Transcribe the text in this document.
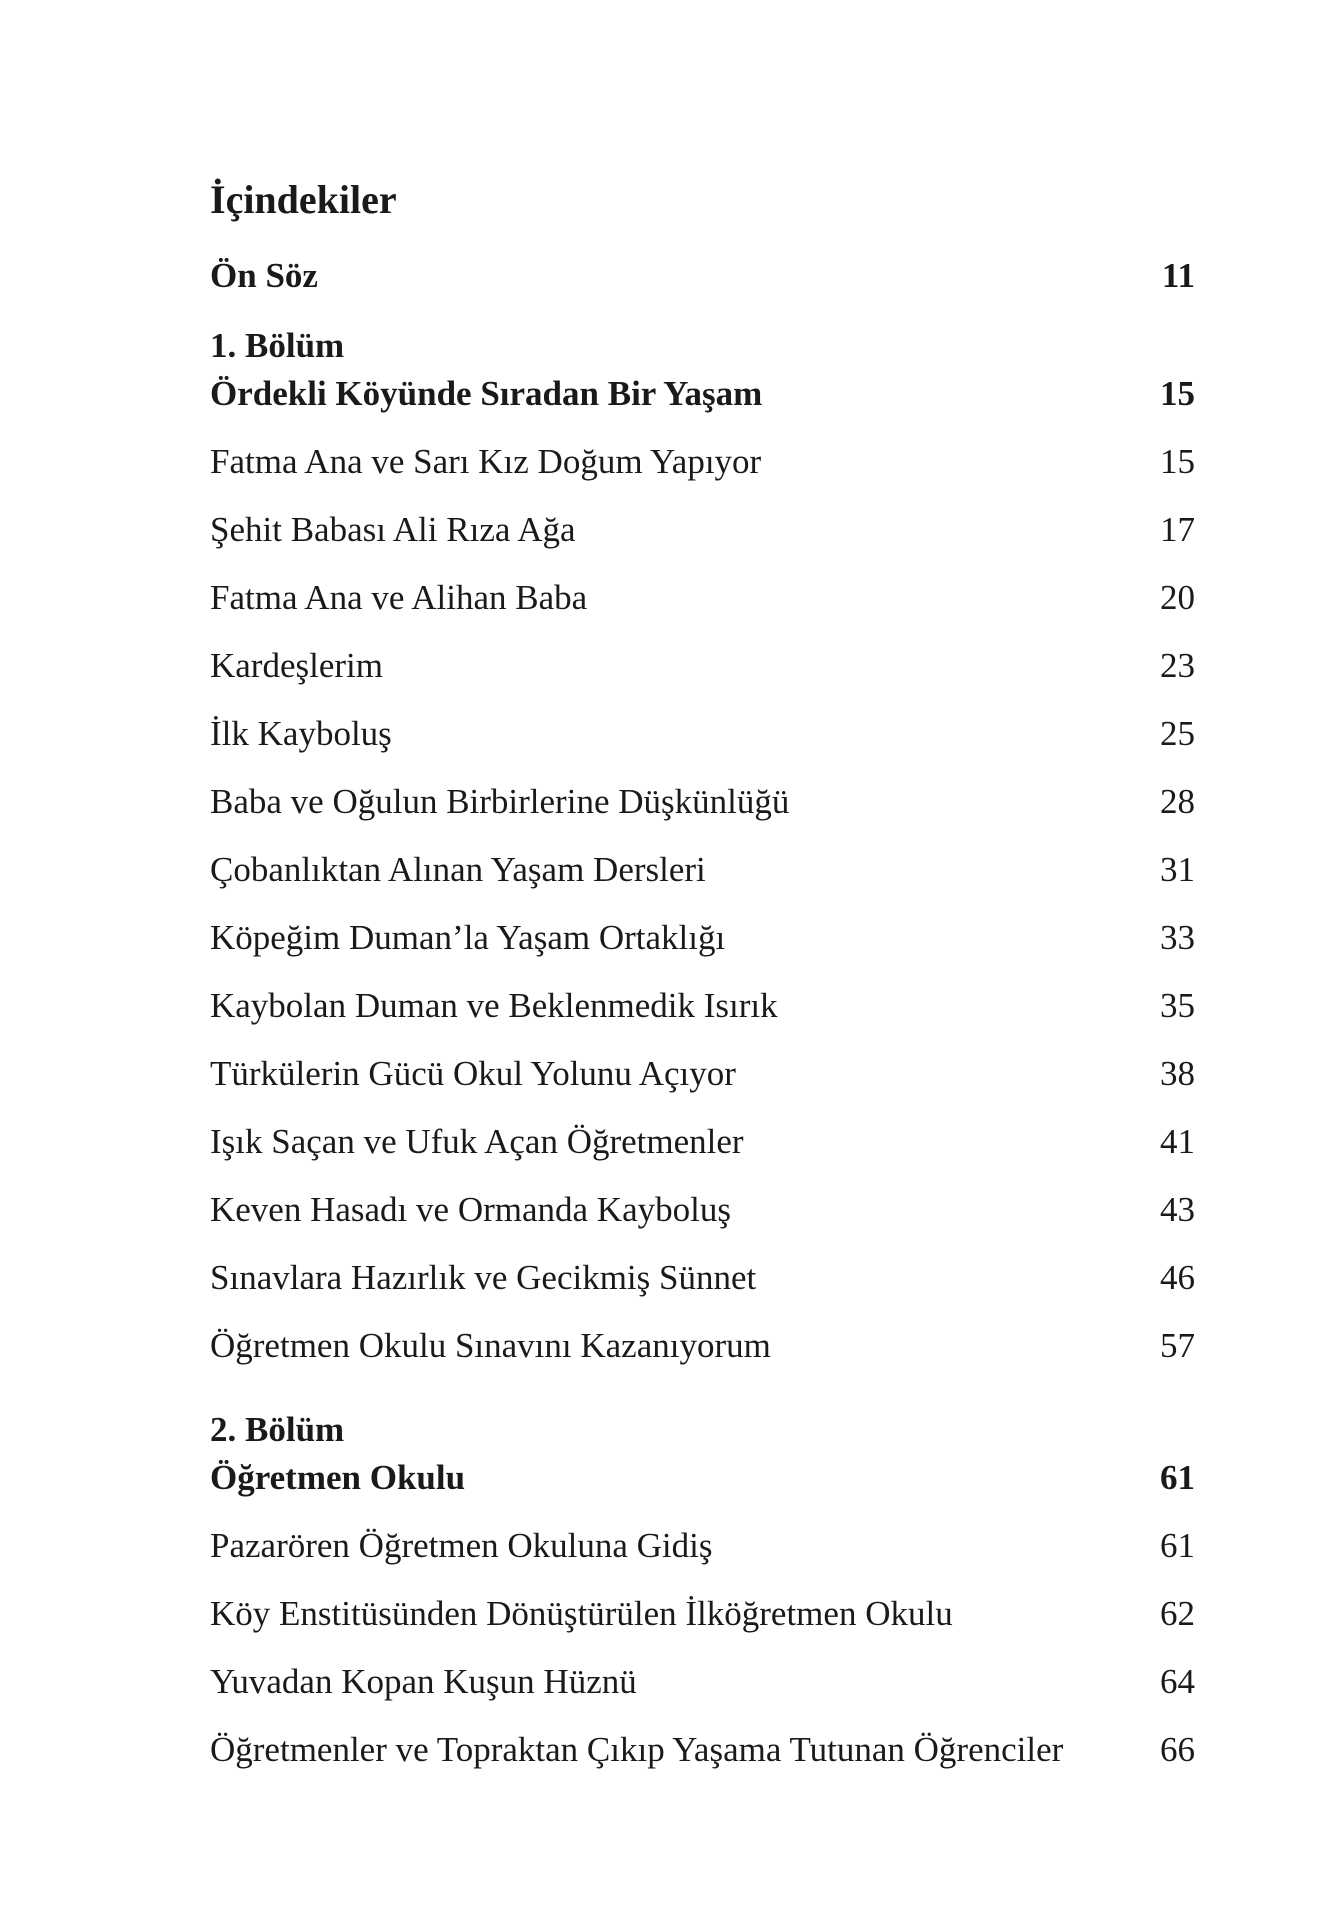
İçindekiler
Ön Söz	11
1. Bölüm
Ördekli Köyünde Sıradan Bir Yaşam	15
Fatma Ana ve Sarı Kız Doğum Yapıyor	15
Şehit Babası Ali Rıza Ağa	17
Fatma Ana ve Alihan Baba	20
Kardeşlerim	23
İlk Kayboluş	25
Baba ve Oğulun Birbirlerine Düşkünlüğü	28
Çobanlıktan Alınan Yaşam Dersleri	31
Köpeğim Duman’la Yaşam Ortaklığı	33
Kaybolan Duman ve Beklenmedik Isırık	35
Türkülerin Gücü Okul Yolunu Açıyor	38
Işık Saçan ve Ufuk Açan Öğretmenler	41
Keven Hasadı ve Ormanda Kayboluş	43
Sınavlara Hazırlık ve Gecikmiş Sünnet	46
Öğretmen Okulu Sınavını Kazanıyorum	57
2. Bölüm
Öğretmen Okulu	61
Pazarören Öğretmen Okuluna Gidiş	61
Köy Enstitüsünden Dönüştürülen İlköğretmen Okulu	62
Yuvadan Kopan Kuşun Hüznü	64
Öğretmenler ve Topraktan Çıkıp Yaşama Tutunan Öğrenciler	66
